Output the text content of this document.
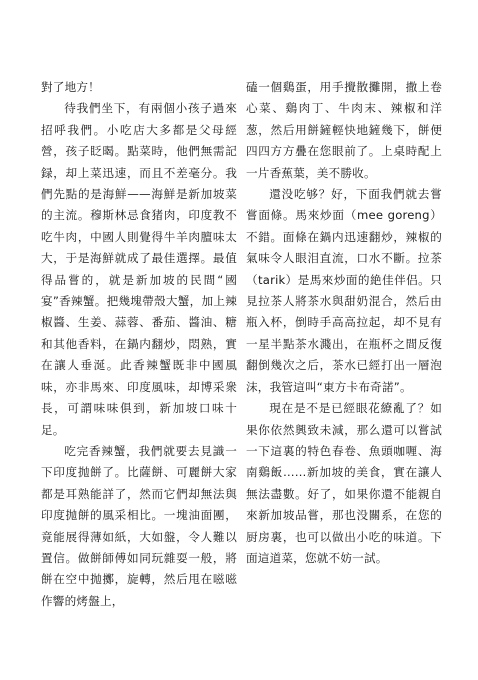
對了地方！

待我們坐下，有兩個小孩子過來招呼我們。小吃店大多都是父母經營，孩子眨暍。點菜時，他們無需記録，却上菜迅速，而且不差毫分。我們先點的是海鮮——海鮮是新加坡菜的主流。穆斯林忌食猪肉，印度教不吃牛肉，中國人則覺得牛羊肉膻味太大，于是海鮮就成了最佳選擇。最值得品嘗的，就是新加坡的民間“國宴”香辣蟹。把幾塊帶殼大蟹，加上辣椒醬、生姜、蒜蓉、番茄、醬油、糖和其他香料，在鍋内翻炒，悶熟，實在讓人垂涎。此香辣蟹既非中國風味，亦非馬來、印度風味，却博采衆長，可謂味味俱到，新加坡口味十足。

吃完香辣蟹，我們就要去見識一下印度抛餅了。比薩餅、可麗餅大家都是耳熟能詳了，然而它們却無法與印度抛餅的風采相比。一塊油面團，竟能展得薄如紙，大如盤，令人難以置信。做餅師傅如同玩雜耍一般，將餅在空中抛擲，旋轉，然后甩在嗞嗞作響的烤盤上，

磕一個鷄蛋，用手攪散攤開，撒上卷心菜、鷄肉丁、牛肉末、辣椒和洋葱，然后用餅鏟輕快地鏟幾下，餅便四四方方疊在您眼前了。上桌時配上一片香蕉葉，美不勝收。

還没吃够？好，下面我們就去嘗嘗面條。馬來炒面（mee goreng）不錯。面條在鍋内迅速翻炒，辣椒的氣味令人眼泪直流，口水不斷。拉茶（tarik）是馬來炒面的絶佳伴侣。只見拉茶人將茶水與甜奶混合，然后由瓶入杯，倒時手高高拉起，却不見有一星半點茶水濺出，在瓶杯之間反復翻倒幾次之后，茶水已經打出一層泡沫，我管這叫“東方卡布奇諾”。

現在是不是已經眼花繚亂了？如果你依然興致未減，那么還可以嘗試一下這裏的特色春卷、魚頭咖喱、海南鷄飯……新加坡的美食，實在讓人無法盡數。好了，如果你還不能親自來新加坡品嘗，那也没關系，在您的厨房裏，也可以做出小吃的味道。下面這道菜，您就不妨一試。
